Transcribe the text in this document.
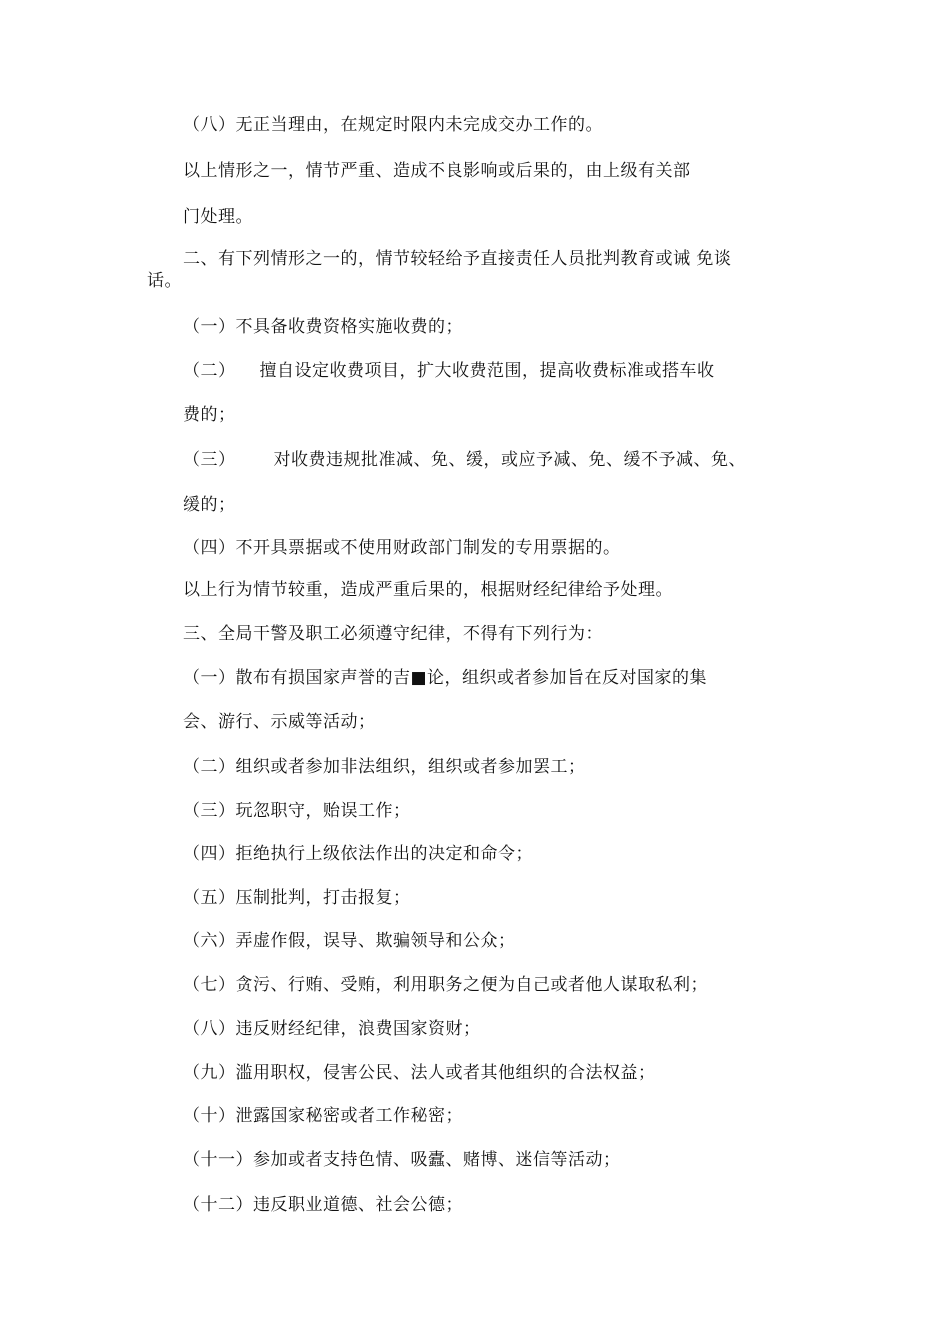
（八）无正当理由，在规定时限内未完成交办工作的。
以上情形之一，情节严重、造成不良影响或后果的，由上级有关部
门处理。
二、有下列情形之一的，情节较轻给予直接责任人员批判教育或诫 免谈
话。
（一）不具备收费资格实施收费的；
（二） 擅自设定收费项目，扩大收费范围，提高收费标准或搭车收
费的；
（三） 对收费违规批准减、免、缓，或应予减、免、缓不予减、免、
缓的；
（四）不开具票据或不使用财政部门制发的专用票据的。
以上行为情节较重，造成严重后果的，根据财经纪律给予处理。
三、全局干警及职工必须遵守纪律，不得有下列行为：
（一）散布有损国家声誉的吉■论，组织或者参加旨在反对国家的集
会、游行、示威等活动；
（二）组织或者参加非法组织，组织或者参加罢工；
（三）玩忽职守，贻误工作；
（四）拒绝执行上级依法作出的决定和命令；
（五）压制批判，打击报复；
（六）弄虚作假，误导、欺骗领导和公众；
（七）贪污、行贿、受贿，利用职务之便为自己或者他人谋取私利；
（八）违反财经纪律，浪费国家资财；
（九）滥用职权，侵害公民、法人或者其他组织的合法权益；
（十）泄露国家秘密或者工作秘密；
（十一）参加或者支持色情、吸蠹、赌博、迷信等活动；
（十二）违反职业道德、社会公德；
